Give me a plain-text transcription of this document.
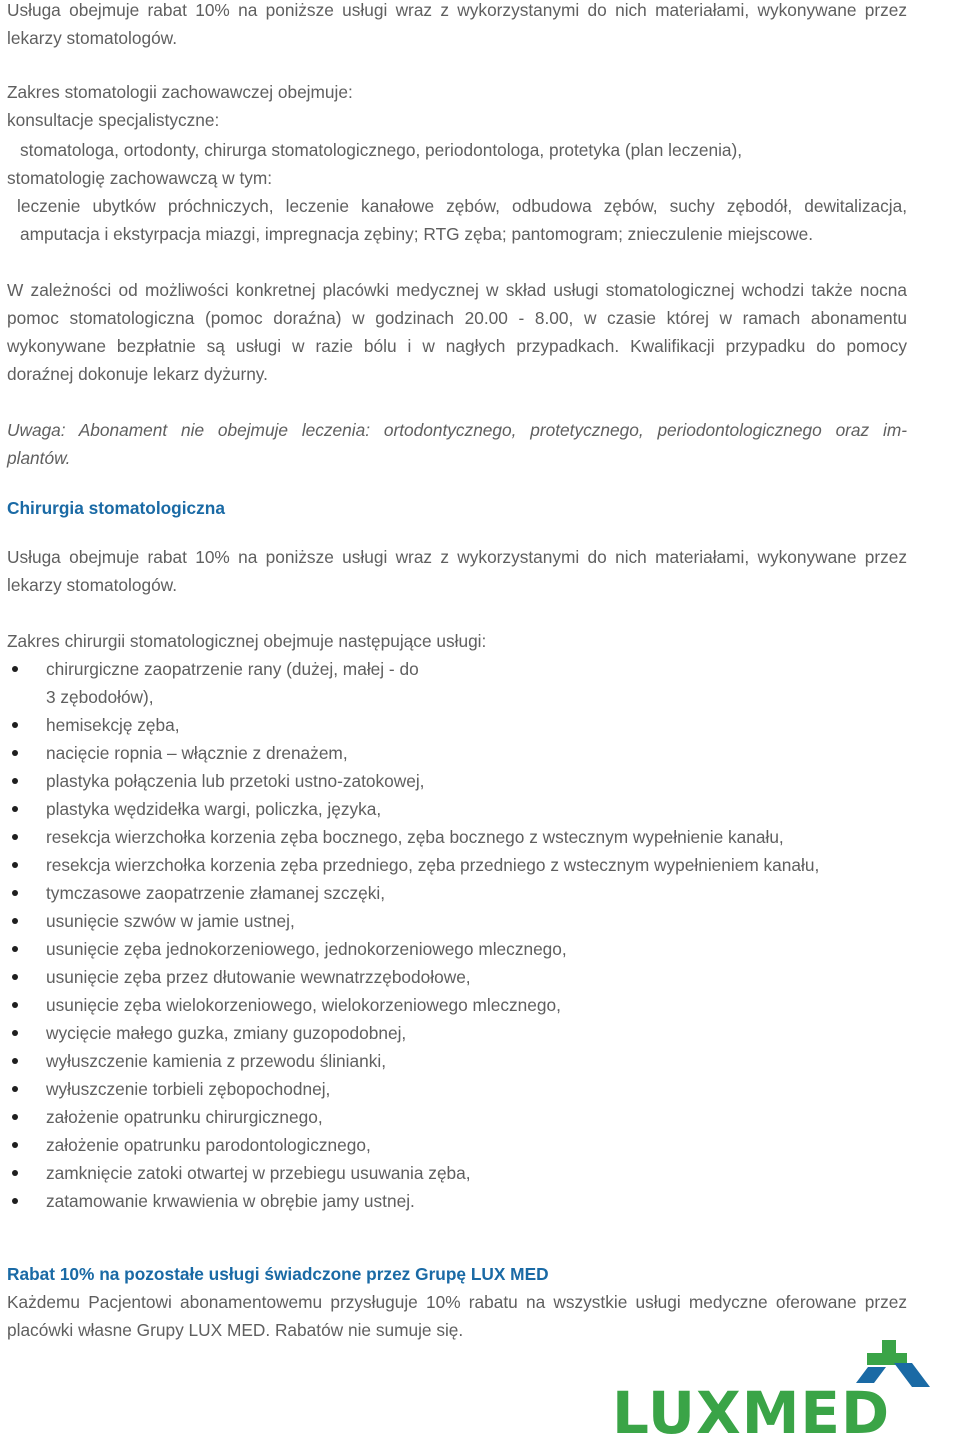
Usługa obejmuje rabat 10% na poniższe usługi wraz z wykorzystanymi do nich materiałami, wykonywane przez
lekarzy stomatologów.
Zakres stomatologii zachowawczej obejmuje:
konsultacje specjalistyczne:
stomatologa, ortodonty, chirurga stomatologicznego, periodontologa, protetyka (plan leczenia),
stomatologię zachowawczą w tym:
leczenie ubytków próchniczych, leczenie kanałowe zębów, odbudowa zębów, suchy zębodół, dewitalizacja,
amputacja i ekstyrpacja miazgi, impregnacja zębiny; RTG zęba; pantomogram; znieczulenie miejscowe.
W zależności od możliwości konkretnej placówki medycznej w skład usługi stomatologicznej wchodzi także nocna
pomoc stomatologiczna (pomoc doraźna) w godzinach 20.00 - 8.00, w czasie której w ramach abonamentu
wykonywane bezpłatnie są usługi w razie bólu i w nagłych przypadkach. Kwalifikacji przypadku do pomocy
doraźnej dokonuje lekarz dyżurny.
Uwaga: Abonament nie obejmuje leczenia: ortodontycznego, protetycznego, periodontologicznego oraz im-
plantów.
Chirurgia stomatologiczna
Usługa obejmuje rabat 10% na poniższe usługi wraz z wykorzystanymi do nich materiałami, wykonywane przez
lekarzy stomatologów.
Zakres chirurgii stomatologicznej obejmuje następujące usługi:
chirurgiczne zaopatrzenie rany (dużej, małej - do
3 zębodołów),
hemisekcję zęba,
nacięcie ropnia – włącznie z drenażem,
plastyka połączenia lub przetoki ustno-zatokowej,
plastyka wędzidełka wargi, policzka, języka,
resekcja wierzchołka korzenia zęba bocznego, zęba bocznego z wstecznym wypełnienie kanału,
resekcja wierzchołka korzenia zęba przedniego, zęba przedniego z wstecznym wypełnieniem kanału,
tymczasowe zaopatrzenie złamanej szczęki,
usunięcie szwów w jamie ustnej,
usunięcie zęba jednokorzeniowego, jednokorzeniowego mlecznego,
usunięcie zęba przez dłutowanie wewnatrzzębodołowe,
usunięcie zęba wielokorzeniowego, wielokorzeniowego mlecznego,
wycięcie małego guzka, zmiany guzopodobnej,
wyłuszczenie kamienia z przewodu ślinianki,
wyłuszczenie torbieli zębopochodnej,
założenie opatrunku chirurgicznego,
założenie opatrunku parodontologicznego,
zamknięcie zatoki otwartej w przebiegu usuwania zęba,
zatamowanie krwawienia w obrębie jamy ustnej.
Rabat 10% na pozostałe usługi świadczone przez Grupę LUX MED
Każdemu Pacjentowi abonamentowemu przysługuje 10% rabatu na wszystkie usługi medyczne oferowane przez
placówki własne Grupy LUX MED. Rabatów nie sumuje się.
LUXMED
